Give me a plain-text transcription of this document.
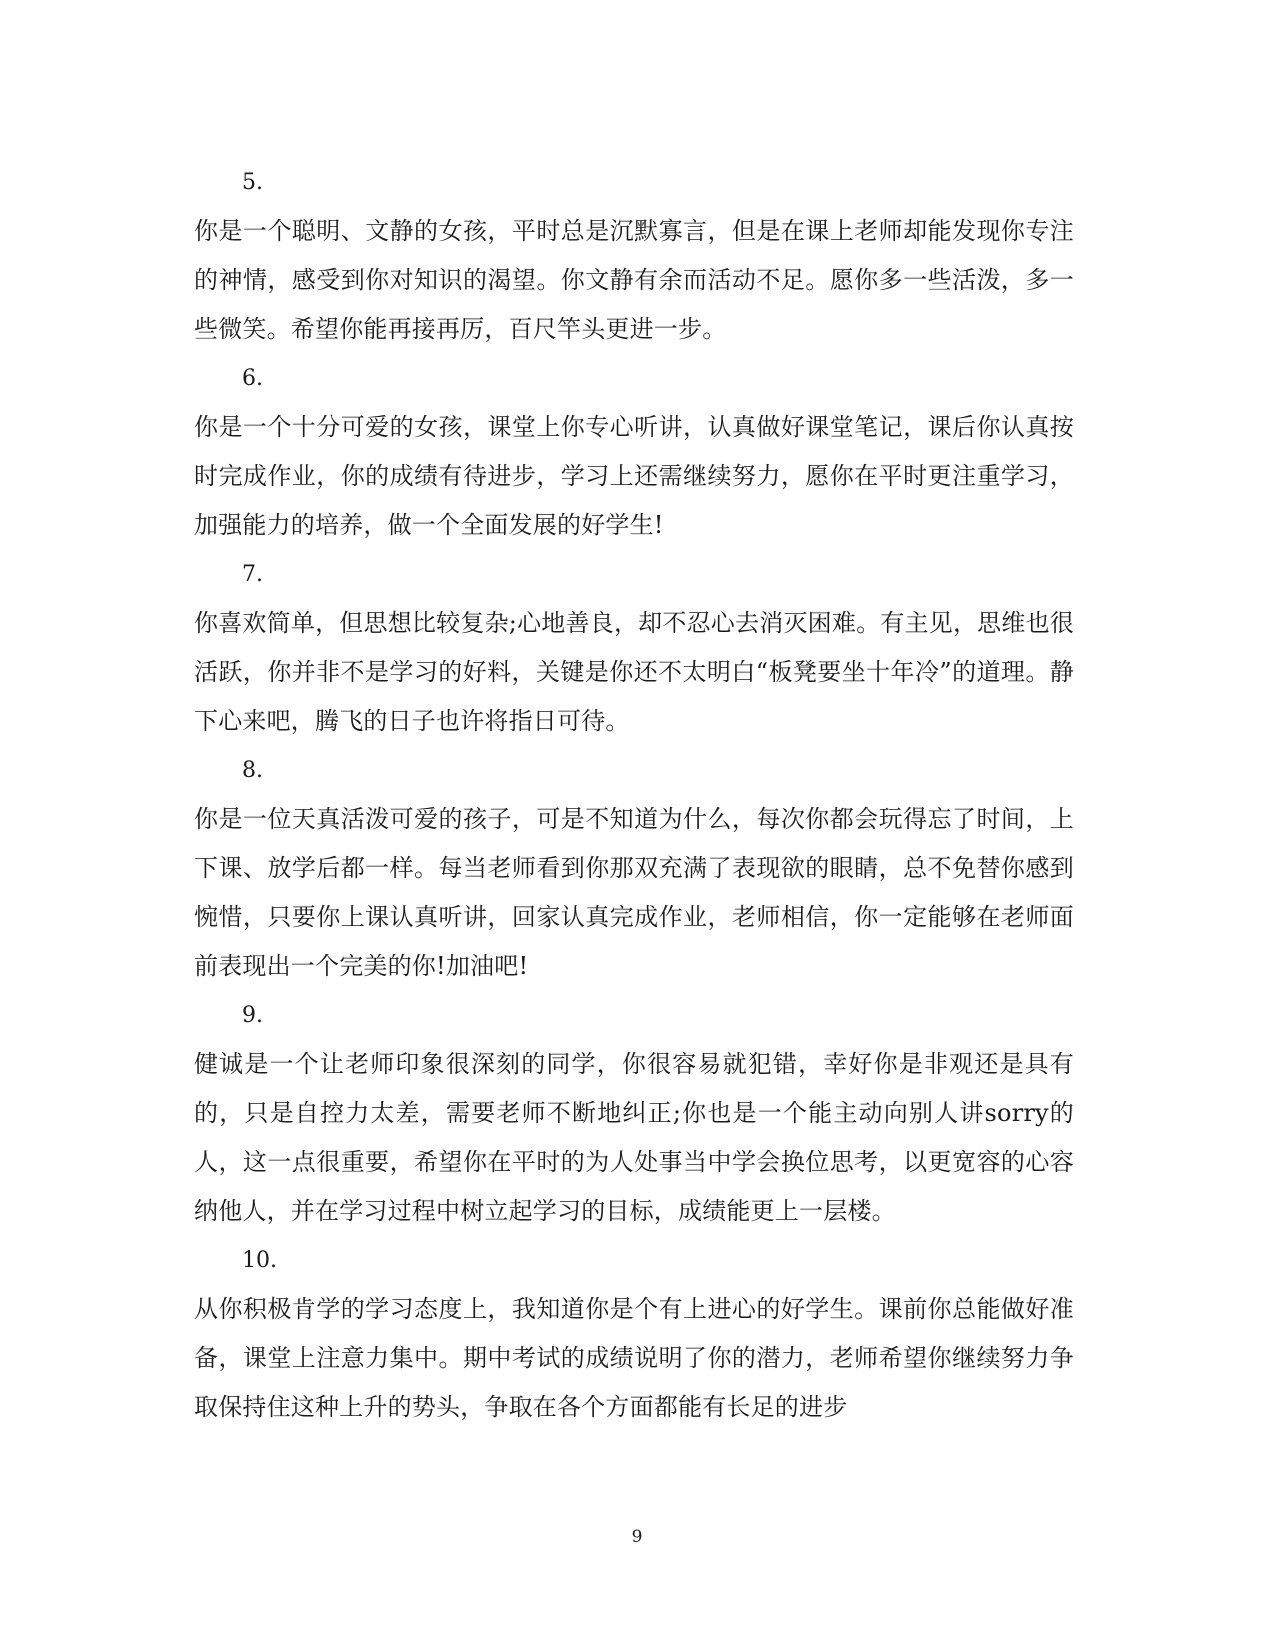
5.
你是一个聪明、文静的女孩，平时总是沉默寡言，但是在课上老师却能发现你专注的神情，感受到你对知识的渴望。你文静有余而活动不足。愿你多一些活泼，多一些微笑。希望你能再接再厉，百尺竿头更进一步。
6.
你是一个十分可爱的女孩，课堂上你专心听讲，认真做好课堂笔记，课后你认真按时完成作业，你的成绩有待进步，学习上还需继续努力，愿你在平时更注重学习，加强能力的培养，做一个全面发展的好学生!
7.
你喜欢简单，但思想比较复杂;心地善良，却不忍心去消灭困难。有主见，思维也很活跃，你并非不是学习的好料，关键是你还不太明白“板凳要坐十年冷”的道理。静下心来吧，腾飞的日子也许将指日可待。
8.
你是一位天真活泼可爱的孩子，可是不知道为什么，每次你都会玩得忘了时间，上下课、放学后都一样。每当老师看到你那双充满了表现欲的眼睛，总不免替你感到惋惜，只要你上课认真听讲，回家认真完成作业，老师相信，你一定能够在老师面前表现出一个完美的你!加油吧!
9.
健诚是一个让老师印象很深刻的同学，你很容易就犯错，幸好你是非观还是具有的，只是自控力太差，需要老师不断地纠正;你也是一个能主动向别人讲sorry的人，这一点很重要，希望你在平时的为人处事当中学会换位思考，以更宽容的心容纳他人，并在学习过程中树立起学习的目标，成绩能更上一层楼。
10.
从你积极肯学的学习态度上，我知道你是个有上进心的好学生。课前你总能做好准备，课堂上注意力集中。期中考试的成绩说明了你的潜力，老师希望你继续努力争取保持住这种上升的势头，争取在各个方面都能有长足的进步
9
